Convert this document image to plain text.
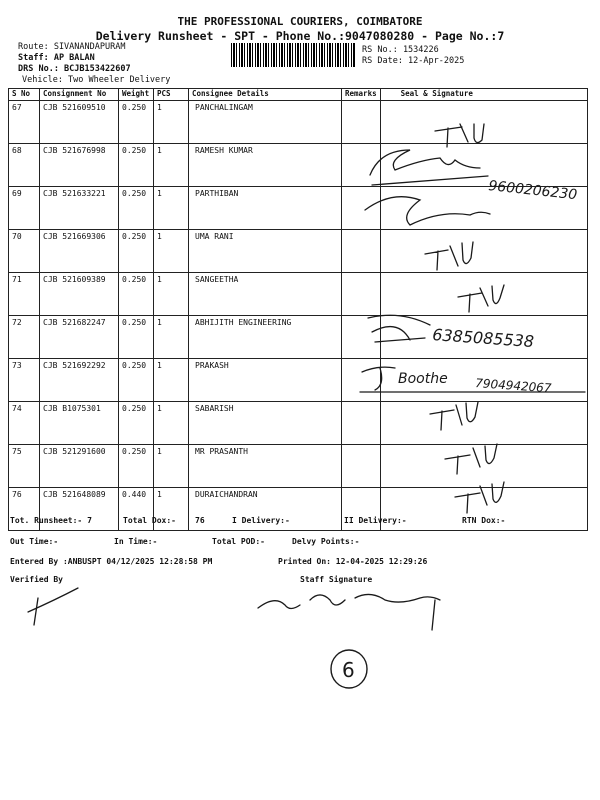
THE PROFESSIONAL COURIERS, COIMBATORE
Delivery Runsheet - SPT - Phone No.:9047080280 - Page No.:7
Route: SIVANANDAPURAM
Staff: AP BALAN
DRS No.: BCJB153422607
Vehicle: Two Wheeler Delivery
RS No.: 1534226
RS Date: 12-Apr-2025
S No	Consignment No	Weight	PCS	Consignee Details	Remarks	Seal & Signature
67	CJB 521609510	0.250	1	PANCHALINGAM		
68	CJB 521676998	0.250	1	RAMESH KUMAR		
69	CJB 521633221	0.250	1	PARTHIBAN		
70	CJB 521669306	0.250	1	UMA RANI		
71	CJB 521609389	0.250	1	SANGEETHA		
72	CJB 521682247	0.250	1	ABHIJITH ENGINEERING		
73	CJB 521692292	0.250	1	PRAKASH		
74	CJB B1075301	0.250	1	SABARISH		
75	CJB 521291600	0.250	1	MR PRASANTH		
76	CJB 521648089	0.440	1	DURAICHANDRAN		
9600206230
6385085538
Boothe 7904942067
6
Tot. Runsheet:- 7	Total Dox:- 76	I Delivery:-	II Delivery:-	RTN Dox:-
Out Time:-	In Time:-	Total POD:-	Delvy Points:-
Entered By :ANBUSPT 04/12/2025 12:28:58 PM	Printed On: 12-04-2025 12:29:26
Verified By	Staff Signature
